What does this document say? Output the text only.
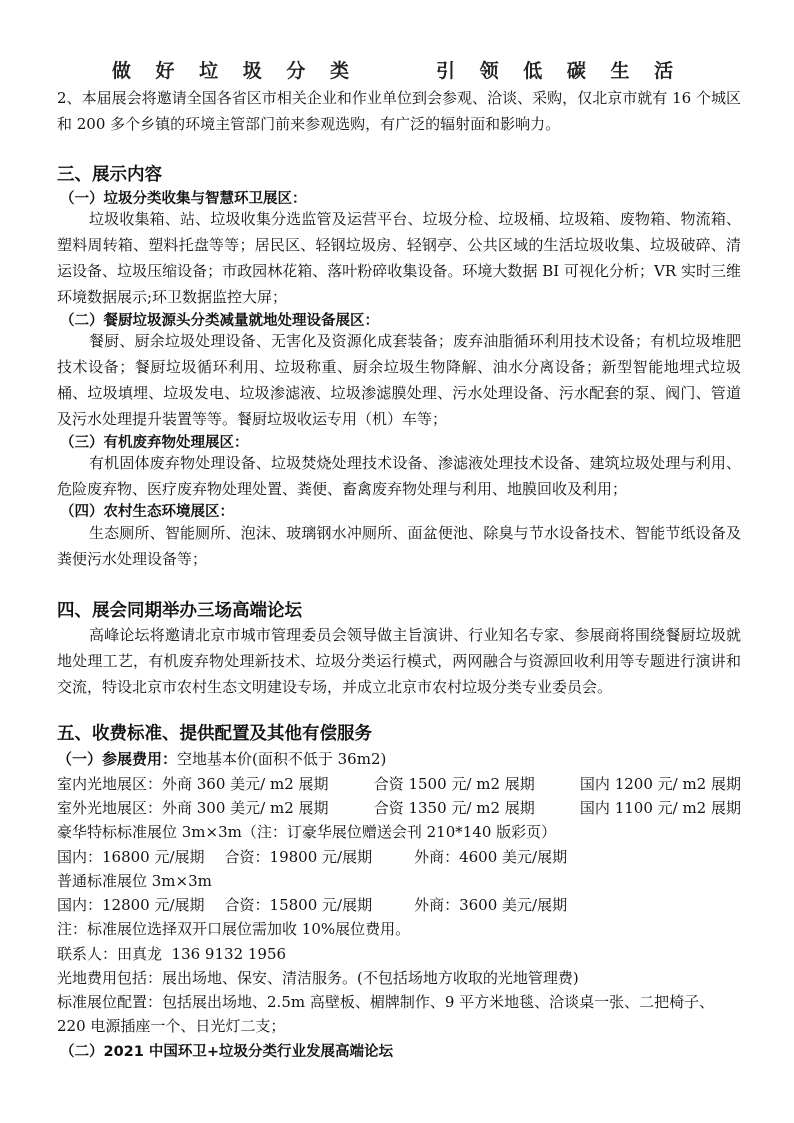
做 好 垃 圾 分 类     引 领 低 碳 生 活
2、本届展会将邀请全国各省区市相关企业和作业单位到会参观、洽谈、采购，仅北京市就有 16 个城区和 200 多个乡镇的环境主管部门前来参观选购，有广泛的辐射面和影响力。
三、展示内容
（一）垃圾分类收集与智慧环卫展区：
垃圾收集箱、站、垃圾收集分选监管及运营平台、垃圾分检、垃圾桶、垃圾箱、废物箱、物流箱、塑料周转箱、塑料托盘等等；居民区、轻钢垃圾房、轻钢亭、公共区域的生活垃圾收集、垃圾破碎、清运设备、垃圾压缩设备；市政园林花箱、落叶粉碎收集设备。环境大数据 BI 可视化分析；VR 实时三维环境数据展示;环卫数据监控大屏；
（二）餐厨垃圾源头分类减量就地处理设备展区：
餐厨、厨余垃圾处理设备、无害化及资源化成套装备；废弃油脂循环利用技术设备；有机垃圾堆肥技术设备；餐厨垃圾循环利用、垃圾称重、厨余垃圾生物降解、油水分离设备；新型智能地埋式垃圾桶、垃圾填埋、垃圾发电、垃圾渗滤液、垃圾渗滤膜处理、污水处理设备、污水配套的泵、阀门、管道及污水处理提升装置等等。餐厨垃圾收运专用（机）车等；
（三）有机废弃物处理展区：
有机固体废弃物处理设备、垃圾焚烧处理技术设备、渗滤液处理技术设备、建筑垃圾处理与利用、危险废弃物、医疗废弃物处理处置、粪便、畜禽废弃物处理与利用、地膜回收及利用；
（四）农村生态环境展区：
生态厕所、智能厕所、泡沫、玻璃钢水冲厕所、面盆便池、除臭与节水设备技术、智能节纸设备及粪便污水处理设备等；
四、展会同期举办三场高端论坛
高峰论坛将邀请北京市城市管理委员会领导做主旨演讲、行业知名专家、参展商将围绕餐厨垃圾就地处理工艺，有机废弃物处理新技术、垃圾分类运行模式，两网融合与资源回收利用等专题进行演讲和交流，特设北京市农村生态文明建设专场，并成立北京市农村垃圾分类专业委员会。
五、收费标准、提供配置及其他有偿服务
（一）参展费用：空地基本价(面积不低于 36m2)
室内光地展区：外商 360 美元/ m2 展期	合资 1500 元/ m2 展期	国内 1200 元/ m2 展期
室外光地展区：外商 300 美元/ m2 展期	合资 1350 元/ m2 展期	国内 1100 元/ m2 展期
豪华特标标准展位 3m×3m（注：订豪华展位赠送会刊 210*140 版彩页）
国内：16800 元/展期 合资：19800 元/展期	外商：4600 美元/展期
普通标准展位 3m×3m
国内：12800 元/展期 合资：15800 元/展期	外商：3600 美元/展期
注：标准展位选择双开口展位需加收 10%展位费用。
联系人：田真龙  136 9132 1956
光地费用包括：展出场地、保安、清洁服务。(不包括场地方收取的光地管理费)
标准展位配置：包括展出场地、2.5m 高壁板、楣牌制作、9 平方米地毯、洽谈桌一张、二把椅子、
220 电源插座一个、日光灯二支；
（二）2021 中国环卫+垃圾分类行业发展高端论坛
